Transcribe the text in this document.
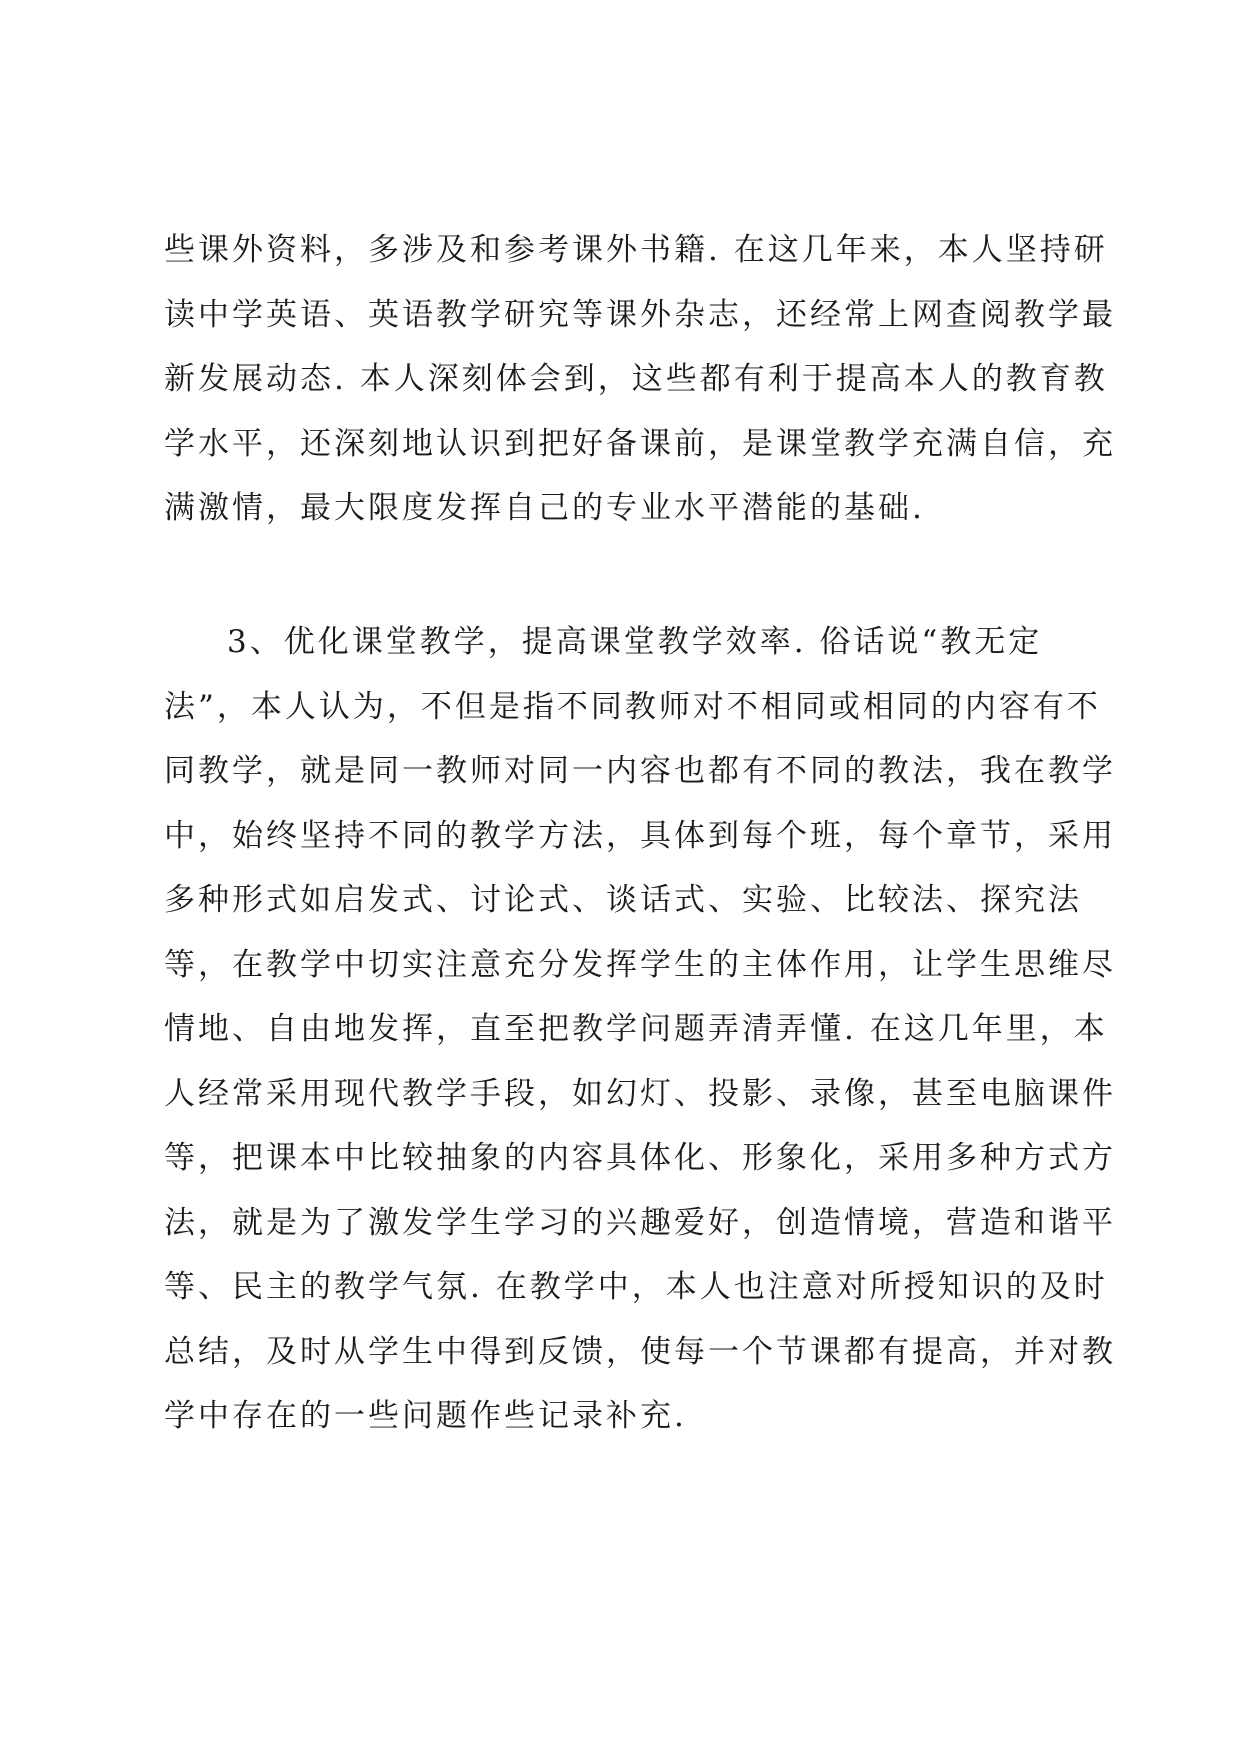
些课外资料，多涉及和参考课外书籍. 在这几年来，本人坚持研
读中学英语、英语教学研究等课外杂志，还经常上网查阅教学最
新发展动态. 本人深刻体会到，这些都有利于提高本人的教育教
学水平，还深刻地认识到把好备课前，是课堂教学充满自信，充
满激情，最大限度发挥自己的专业水平潜能的基础.
3、优化课堂教学，提高课堂教学效率. 俗话说“教无定
法”，本人认为，不但是指不同教师对不相同或相同的内容有不
同教学，就是同一教师对同一内容也都有不同的教法，我在教学
中，始终坚持不同的教学方法，具体到每个班，每个章节，采用
多种形式如启发式、讨论式、谈话式、实验、比较法、探究法
等，在教学中切实注意充分发挥学生的主体作用，让学生思维尽
情地、自由地发挥，直至把教学问题弄清弄懂. 在这几年里，本
人经常采用现代教学手段，如幻灯、投影、录像，甚至电脑课件
等，把课本中比较抽象的内容具体化、形象化，采用多种方式方
法，就是为了激发学生学习的兴趣爱好，创造情境，营造和谐平
等、民主的教学气氛. 在教学中，本人也注意对所授知识的及时
总结，及时从学生中得到反馈，使每一个节课都有提高，并对教
学中存在的一些问题作些记录补充.
